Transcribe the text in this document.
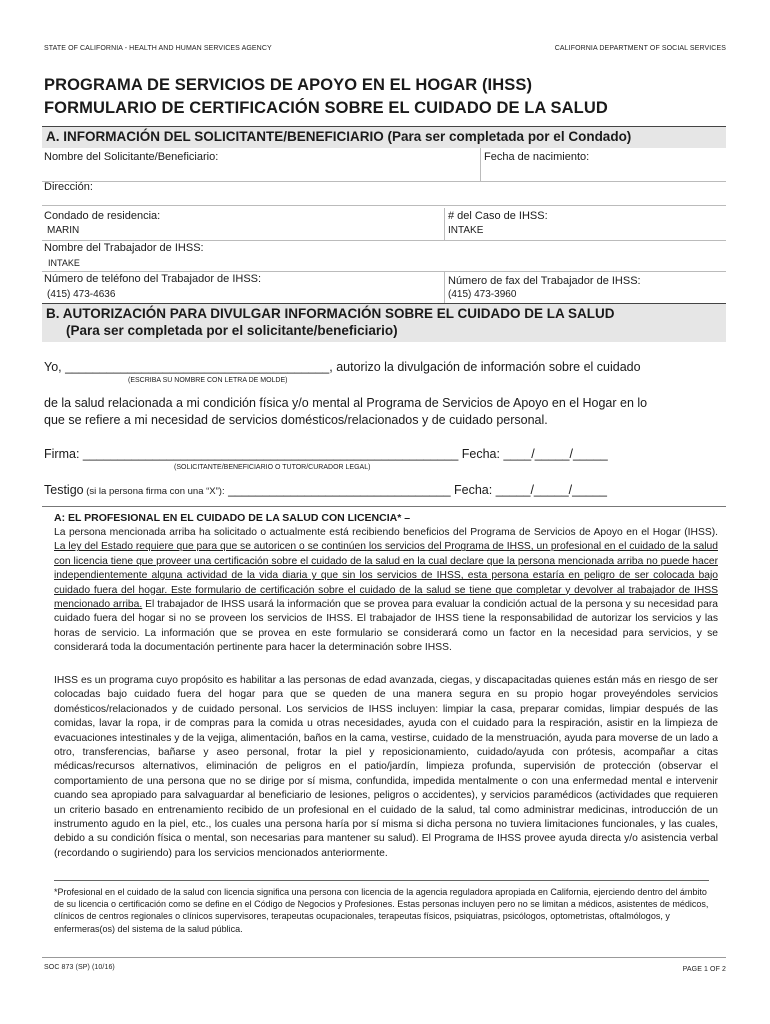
STATE OF CALIFORNIA - HEALTH AND HUMAN SERVICES AGENCY	CALIFORNIA DEPARTMENT OF SOCIAL SERVICES
PROGRAMA DE SERVICIOS DE APOYO EN EL HOGAR (IHSS)
FORMULARIO DE CERTIFICACIÓN SOBRE EL CUIDADO DE LA SALUD
A. INFORMACIÓN DEL SOLICITANTE/BENEFICIARIO (Para ser completada por el Condado)
Nombre del Solicitante/Beneficiario:	Fecha de nacimiento:
Dirección:
Condado de residencia:
MARIN
# del Caso de IHSS:
INTAKE
Nombre del Trabajador de IHSS:
INTAKE
Número de teléfono del Trabajador de IHSS:
(415) 473-4636
Número de fax del Trabajador de IHSS:
(415) 473-3960
B. AUTORIZACIÓN PARA DIVULGAR INFORMACIÓN SOBRE EL CUIDADO DE LA SALUD
(Para ser completada por el solicitante/beneficiario)
Yo, ______________________________________, autorizo la divulgación de información sobre el cuidado
(ESCRIBA SU NOMBRE CON LETRA DE MOLDE)
de la salud relacionada a mi condición física y/o mental al Programa de Servicios de Apoyo en el Hogar en lo
que se refiere a mi necesidad de servicios domésticos/relacionados y de cuidado personal.
Firma: ______________________________________________________ Fecha: ____/_____/_____
(SOLICITANTE/BENEFICIARIO O TUTOR/CURADOR LEGAL)
Testigo (si la persona firma con una “X”): ________________________________ Fecha: _____/_____/_____
A: EL PROFESIONAL EN EL CUIDADO DE LA SALUD CON LICENCIA* –
La persona mencionada arriba ha solicitado o actualmente está recibiendo beneficios del Programa de Servicios de Apoyo en el Hogar (IHSS). La ley del Estado requiere que para que se autoricen o se continúen los servicios del Programa de IHSS, un profesional en el cuidado de la salud con licencia tiene que proveer una certificación sobre el cuidado de la salud en la cual declare que la persona mencionada arriba no puede hacer independientemente alguna actividad de la vida diaria y que sin los servicios de IHSS, esta persona estaría en peligro de ser colocada bajo cuidado fuera del hogar. Este formulario de certificación sobre el cuidado de la salud se tiene que completar y devolver al trabajador de IHSS mencionado arriba. El trabajador de IHSS usará la información que se provea para evaluar la condición actual de la persona y su necesidad para cuidado fuera del hogar si no se proveen los servicios de IHSS. El trabajador de IHSS tiene la responsabilidad de autorizar los servicios y las horas de servicio. La información que se provea en este formulario se considerará como un factor en la necesidad para servicios, y se considerará toda la documentación pertinente para hacer la determinación sobre IHSS.
IHSS es un programa cuyo propósito es habilitar a las personas de edad avanzada, ciegas, y discapacitadas quienes están más en riesgo de ser colocadas bajo cuidado fuera del hogar para que se queden de una manera segura en su propio hogar proveyéndoles servicios domésticos/relacionados y de cuidado personal. Los servicios de IHSS incluyen: limpiar la casa, preparar comidas, limpiar después de las comidas, lavar la ropa, ir de compras para la comida u otras necesidades, ayuda con el cuidado para la respiración, asistir en la limpieza de evacuaciones intestinales y de la vejiga, alimentación, baños en la cama, vestirse, cuidado de la menstruación, ayuda para moverse de un lado a otro, transferencias, bañarse y aseo personal, frotar la piel y reposicionamiento, cuidado/ayuda con prótesis, acompañar a citas médicas/recursos alternativos, eliminación de peligros en el patio/jardín, limpieza profunda, supervisión de protección (observar el comportamiento de una persona que no se dirige por sí misma, confundida, impedida mentalmente o con una enfermedad mental e intervenir cuando sea apropiado para salvaguardar al beneficiario de lesiones, peligros o accidentes), y servicios paramédicos (actividades que requieren un criterio basado en entrenamiento recibido de un profesional en el cuidado de la salud, tal como administrar medicinas, introducción de un instrumento agudo en la piel, etc., los cuales una persona haría por sí misma si dicha persona no tuviera limitaciones funcionales, y las cuales, debido a su condición física o mental, son necesarias para mantener su salud). El Programa de IHSS provee ayuda directa y/o asistencia verbal (recordando o sugiriendo) para los servicios mencionados anteriormente.
*Profesional en el cuidado de la salud con licencia significa una persona con licencia de la agencia reguladora apropiada en California, ejerciendo dentro del ámbito de su licencia o certificación como se define en el Código de Negocios y Profesiones. Estas personas incluyen pero no se limitan a médicos, asistentes de médicos, clínicos de centros regionales o clínicos supervisores, terapeutas ocupacionales, terapeutas físicos, psiquiatras, psicólogos, optometristas, oftalmólogos, y enfermeras(os) del sistema de la salud pública.
SOC 873 (SP) (10/16)	PAGE 1 OF 2
